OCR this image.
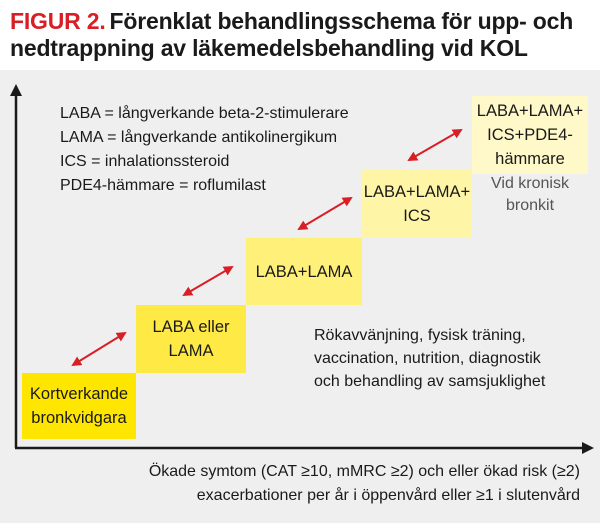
FIGUR 2. Förenklat behandlingsschema för upp- och nedtrappning av läkemedelsbehandling vid KOL
LABA = långverkande beta-2-stimulerare
LAMA = långverkande antikolinergikum
ICS = inhalationssteroid
PDE4-hämmare = roflumilast
Kortverkande
bronkvidgara
LABA eller
LAMA
LABA+LAMA
LABA+LAMA+
ICS
LABA+LAMA+
ICS+PDE4-
hämmare
Vid kronisk
bronkit
Rökavvänjning, fysisk träning, vaccination, nutrition, diagnostik och behandling av samsjuklighet
Ökade symtom (CAT ≥10, mMRC ≥2) och eller ökad risk (≥2) exacerbationer per år i öppenvård eller ≥1 i slutenvård
